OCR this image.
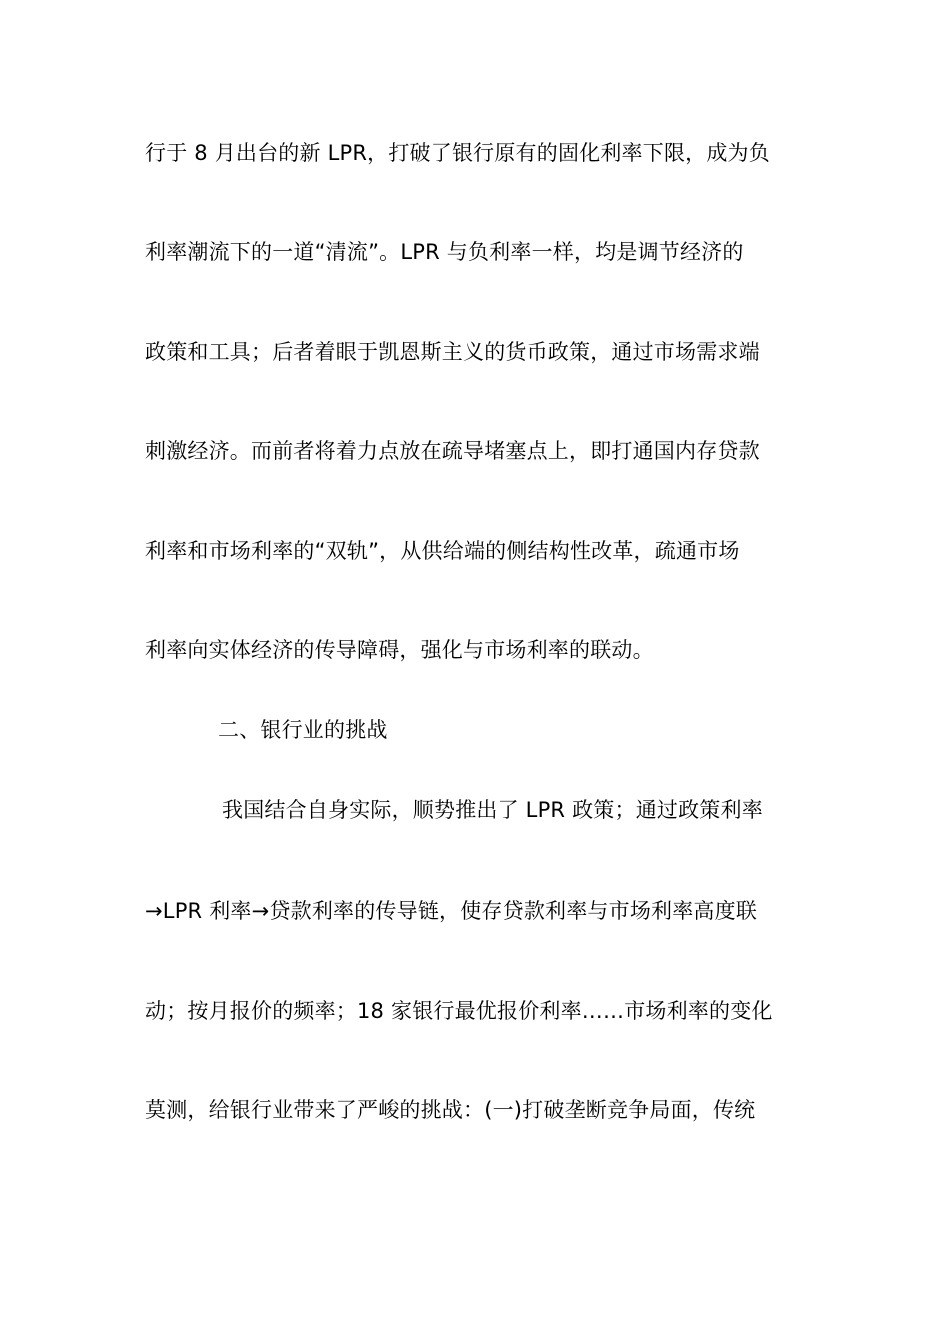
行于 8 月出台的新 LPR，打破了银行原有的固化利率下限，成为负
利率潮流下的一道“清流”。LPR 与负利率一样，均是调节经济的
政策和工具；后者着眼于凯恩斯主义的货币政策，通过市场需求端
刺激经济。而前者将着力点放在疏导堵塞点上，即打通国内存贷款
利率和市场利率的“双轨”，从供给端的侧结构性改革，疏通市场
利率向实体经济的传导障碍，强化与市场利率的联动。
二、银行业的挑战
我国结合自身实际，顺势推出了 LPR 政策；通过政策利率
→LPR 利率→贷款利率的传导链，使存贷款利率与市场利率高度联
动；按月报价的频率；18 家银行最优报价利率……市场利率的变化
莫测，给银行业带来了严峻的挑战：(一)打破垄断竞争局面，传统
